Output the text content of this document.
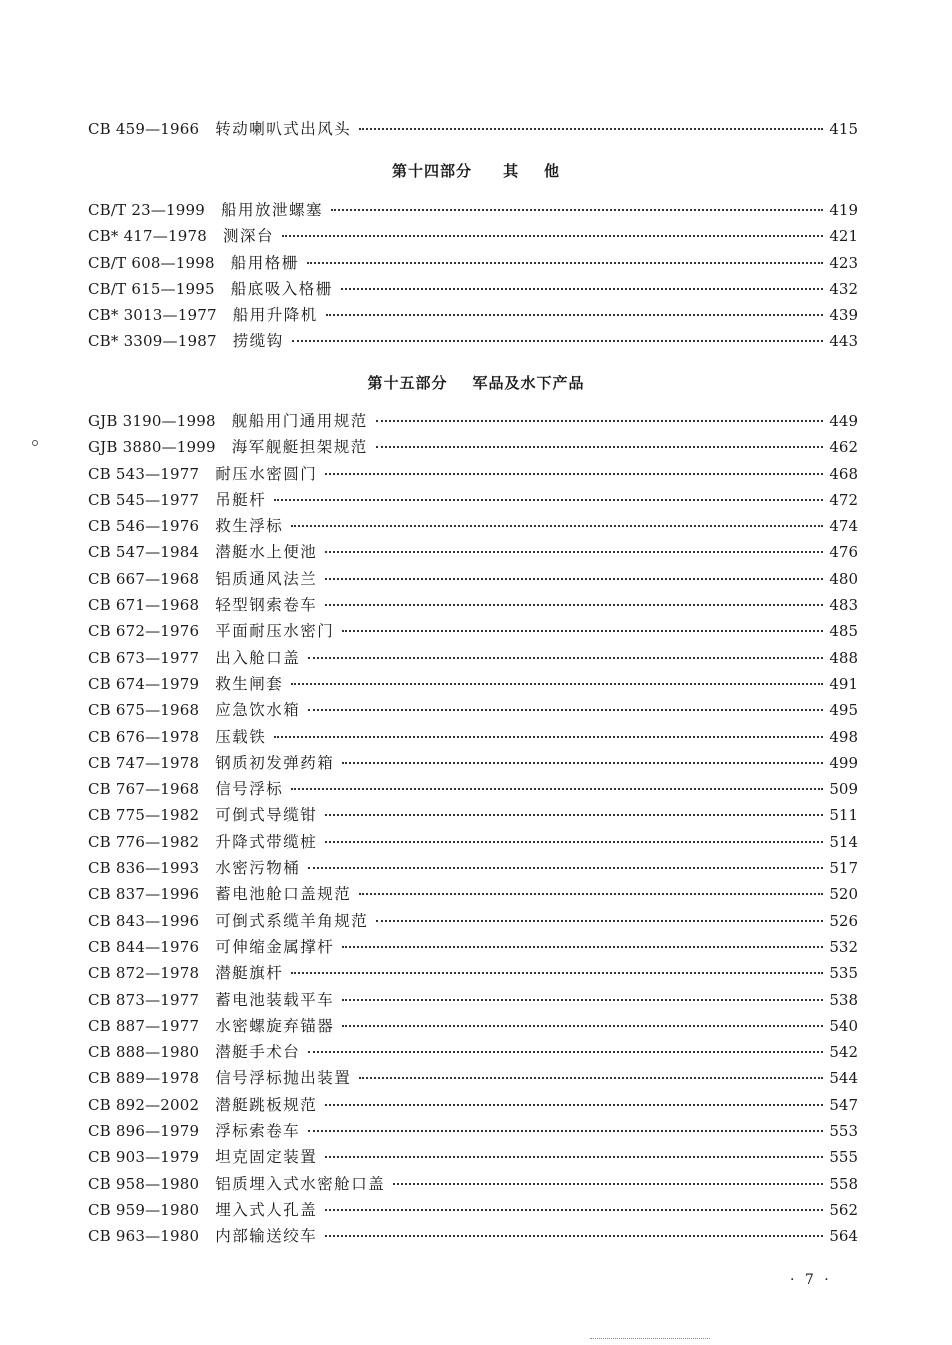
CB 459—1966 转动喇叭式出风头	415
第十四部分 其    他
CB/T 23—1999 船用放泄螺塞	419
CB* 417—1978 测深台	421
CB/T 608—1998 船用格栅	423
CB/T 615—1995 船底吸入格栅	432
CB* 3013—1977 船用升降机	439
CB* 3309—1987 捞缆钩	443
第十五部分 军品及水下产品
GJB 3190—1998 舰船用门通用规范	449
GJB 3880—1999 海军舰艇担架规范	462
CB 543—1977 耐压水密圆门	468
CB 545—1977 吊艇杆	472
CB 546—1976 救生浮标	474
CB 547—1984 潜艇水上便池	476
CB 667—1968 铝质通风法兰	480
CB 671—1968 轻型钢索卷车	483
CB 672—1976 平面耐压水密门	485
CB 673—1977 出入舱口盖	488
CB 674—1979 救生闸套	491
CB 675—1968 应急饮水箱	495
CB 676—1978 压载铁	498
CB 747—1978 钢质初发弹药箱	499
CB 767—1968 信号浮标	509
CB 775—1982 可倒式导缆钳	511
CB 776—1982 升降式带缆桩	514
CB 836—1993 水密污物桶	517
CB 837—1996 蓄电池舱口盖规范	520
CB 843—1996 可倒式系缆羊角规范	526
CB 844—1976 可伸缩金属撑杆	532
CB 872—1978 潜艇旗杆	535
CB 873—1977 蓄电池装载平车	538
CB 887—1977 水密螺旋弃锚器	540
CB 888—1980 潜艇手术台	542
CB 889—1978 信号浮标抛出装置	544
CB 892—2002 潜艇跳板规范	547
CB 896—1979 浮标索卷车	553
CB 903—1979 坦克固定装置	555
CB 958—1980 铝质埋入式水密舱口盖	558
CB 959—1980 埋入式人孔盖	562
CB 963—1980 内部输送绞车	564
· 7 ·
